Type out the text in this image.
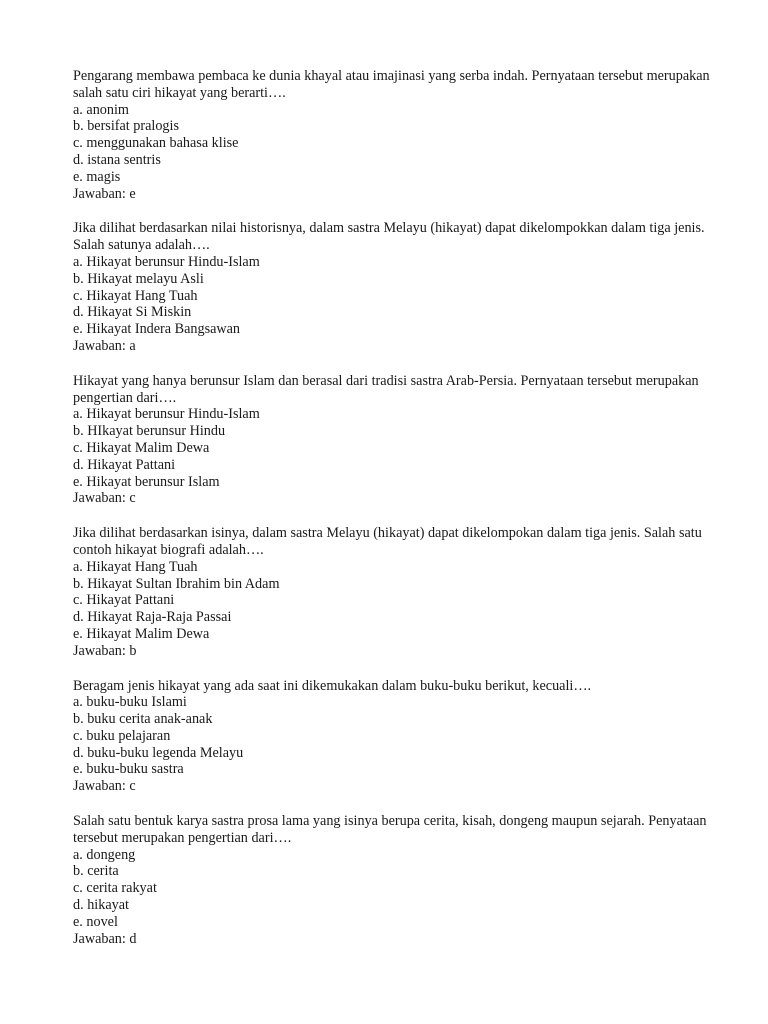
Pengarang membawa pembaca ke dunia khayal atau imajinasi yang serba indah. Pernyataan tersebut merupakan salah satu ciri hikayat yang berarti….
a. anonim
b. bersifat pralogis
c. menggunakan bahasa klise
d. istana sentris
e. magis
Jawaban: e
Jika dilihat berdasarkan nilai historisnya, dalam sastra Melayu (hikayat) dapat dikelompokkan dalam tiga jenis. Salah satunya adalah….
a. Hikayat berunsur Hindu-Islam
b. Hikayat melayu Asli
c. Hikayat Hang Tuah
d. Hikayat Si Miskin
e. Hikayat Indera Bangsawan
Jawaban: a
Hikayat yang hanya berunsur Islam dan berasal dari tradisi sastra Arab-Persia. Pernyataan tersebut merupakan pengertian dari….
a. Hikayat berunsur Hindu-Islam
b. HIkayat berunsur Hindu
c. Hikayat Malim Dewa
d. Hikayat Pattani
e. Hikayat berunsur Islam
Jawaban: c
Jika dilihat berdasarkan isinya, dalam sastra Melayu (hikayat) dapat dikelompokan dalam tiga jenis. Salah satu contoh hikayat biografi adalah….
a. Hikayat Hang Tuah
b. Hikayat Sultan Ibrahim bin Adam
c. Hikayat Pattani
d. Hikayat Raja-Raja Passai
e. Hikayat Malim Dewa
Jawaban: b
Beragam jenis hikayat yang ada saat ini dikemukakan dalam buku-buku berikut, kecuali….
a. buku-buku Islami
b. buku cerita anak-anak
c. buku pelajaran
d. buku-buku legenda Melayu
e. buku-buku sastra
Jawaban: c
Salah satu bentuk karya sastra prosa lama yang isinya berupa cerita, kisah, dongeng maupun sejarah. Penyataan tersebut merupakan pengertian dari….
a. dongeng
b. cerita
c. cerita rakyat
d. hikayat
e. novel
Jawaban: d
